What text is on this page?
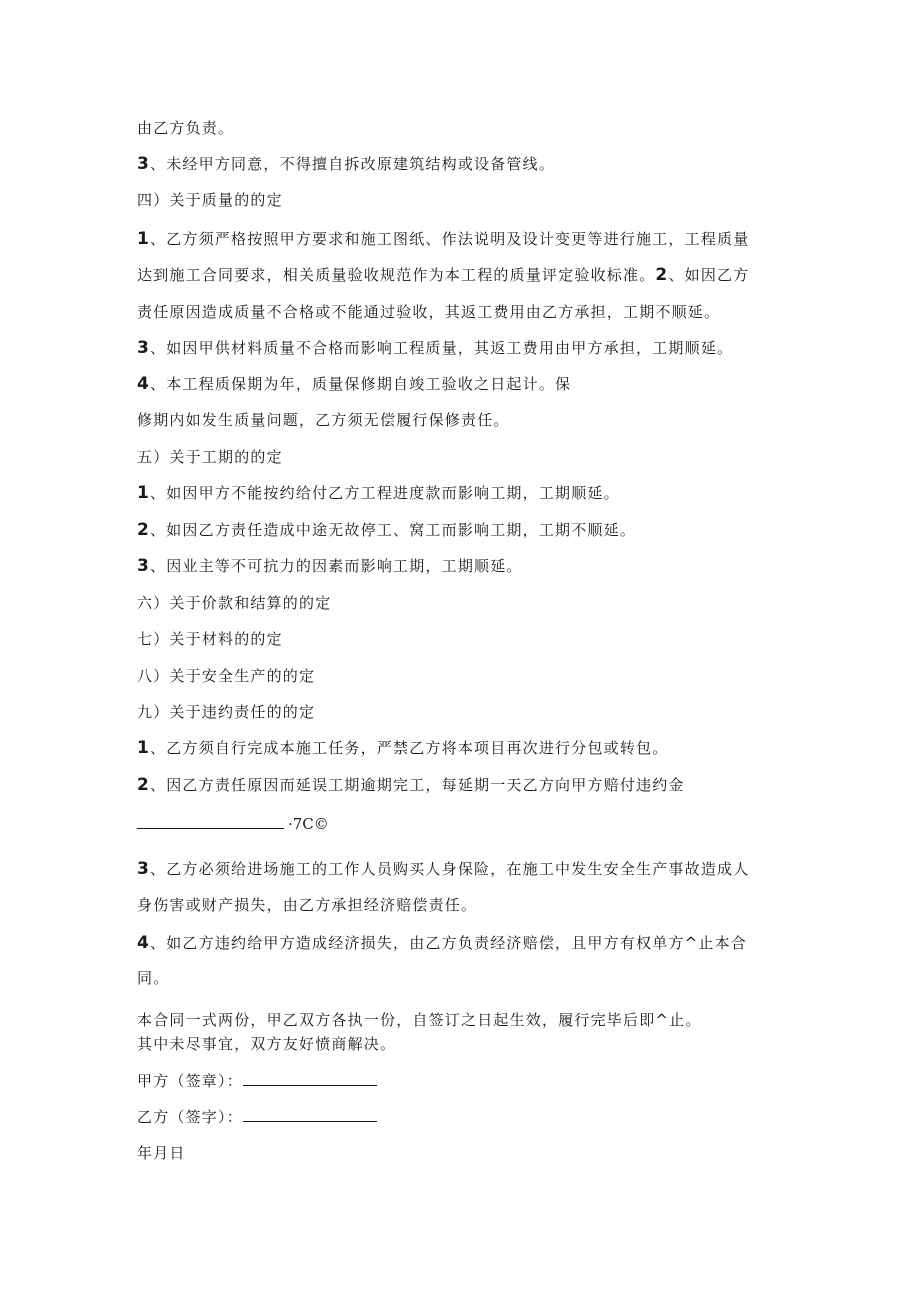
由乙方负责。
3、未经甲方同意，不得擅自拆改原建筑结构或设备管线。
四）关于质量的的定
1、乙方须严格按照甲方要求和施工图纸、作法说明及设计变更等进行施工，工程质量
达到施工合同要求，相关质量验收规范作为本工程的质量评定验收标准。2、如因乙方
责任原因造成质量不合格或不能通过验收，其返工费用由乙方承担，工期不顺延。
3、如因甲供材料质量不合格而影响工程质量，其返工费用由甲方承担，工期顺延。
4、本工程质保期为年，质量保修期自竣工验收之日起计。保
修期内如发生质量问题，乙方须无偿履行保修责任。
五）关于工期的的定
1、如因甲方不能按约给付乙方工程进度款而影响工期，工期顺延。
2、如因乙方责任造成中途无故停工、窝工而影响工期，工期不顺延。
3、因业主等不可抗力的因素而影响工期，工期顺延。
六）关于价款和结算的的定
七）关于材料的的定
八）关于安全生产的的定
九）关于违约责任的的定
1、乙方须自行完成本施工任务，严禁乙方将本项目再次进行分包或转包。
2、因乙方责任原因而延误工期逾期完工，每延期一天乙方向甲方赔付违约金
·7C©
3、乙方必须给进场施工的工作人员购买人身保险，在施工中发生安全生产事故造成人
身伤害或财产损失，由乙方承担经济赔偿责任。
4、如乙方违约给甲方造成经济损失，由乙方负责经济赔偿，且甲方有权单方^止本合
同。
本合同一式两份，甲乙双方各执一份，自签订之日起生效，履行完毕后即^止。
其中未尽事宜，双方友好愤商解决。
甲方（签章）：
乙方（签字）：
年月日
